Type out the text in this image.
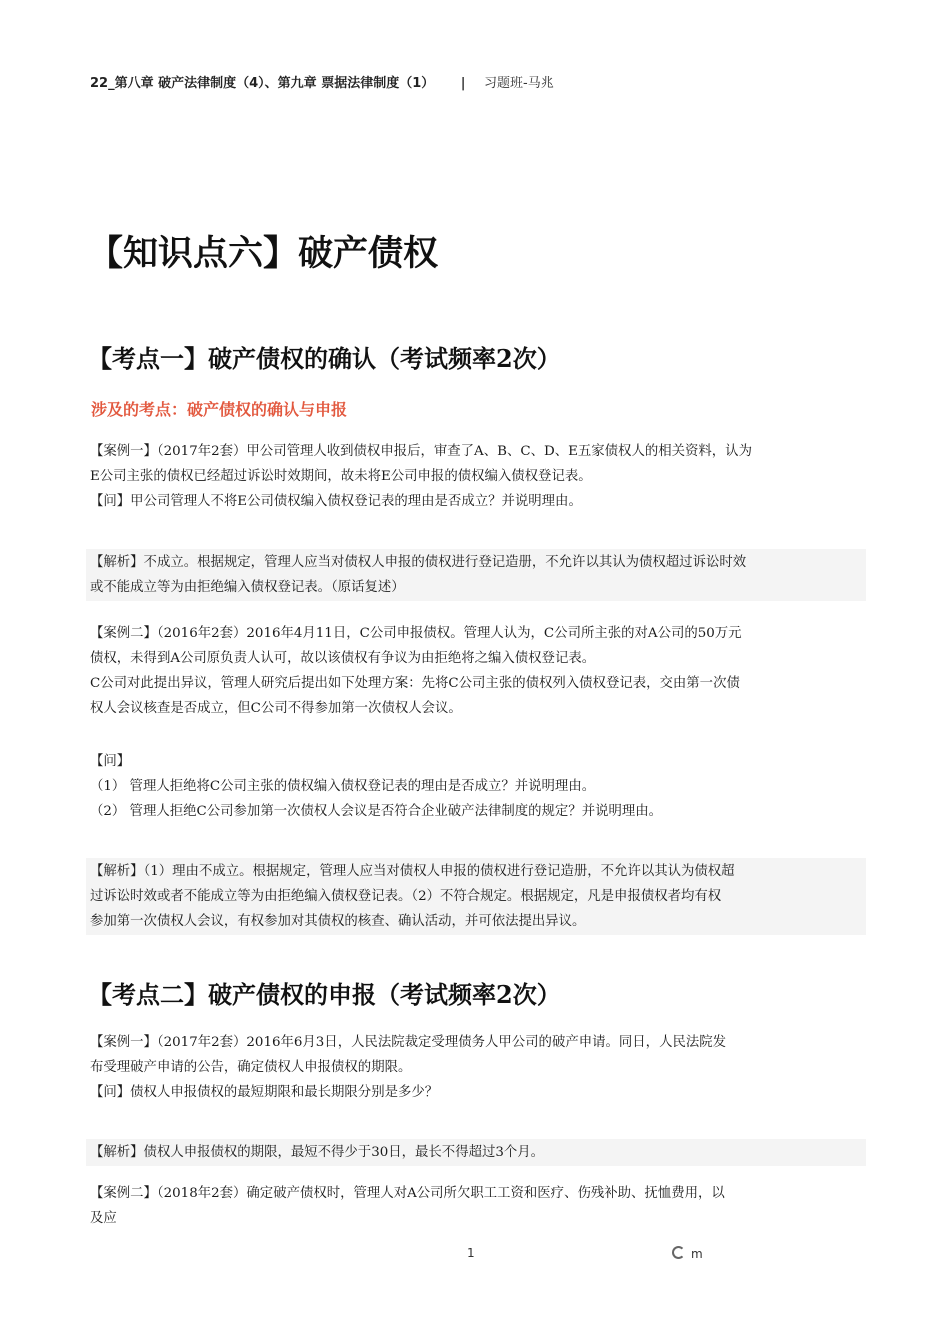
22_第八章 破产法律制度（4）、第九章 票据法律制度（1） | 习题班-马兆
【知识点六】破产债权
【考点一】破产债权的确认（考试频率2次）
涉及的考点：破产债权的确认与申报

【案例一】（2017年2套）甲公司管理人收到债权申报后，审查了A、B、C、D、E五家债权人的相关资料，认为

E公司主张的债权已经超过诉讼时效期间，故未将E公司申报的债权编入债权登记表。

【问】甲公司管理人不将E公司债权编入债权登记表的理由是否成立？并说明理由。

【解析】不成立。根据规定，管理人应当对债权人申报的债权进行登记造册，不允许以其认为债权超过诉讼时效

或不能成立等为由拒绝编入债权登记表。（原话复述）

【案例二】（2016年2套）2016年4月11日，C公司申报债权。管理人认为，C公司所主张的对A公司的50万元

债权，未得到A公司原负责人认可，故以该债权有争议为由拒绝将之编入债权登记表。

C公司对此提出异议，管理人研究后提出如下处理方案：先将C公司主张的债权列入债权登记表，交由第一次债

权人会议核查是否成立，但C公司不得参加第一次债权人会议。

【问】

（1） 管理人拒绝将C公司主张的债权编入债权登记表的理由是否成立？并说明理由。

（2） 管理人拒绝C公司参加第一次债权人会议是否符合企业破产法律制度的规定？并说明理由。

【解析】（1）理由不成立。根据规定，管理人应当对债权人申报的债权进行登记造册，不允许以其认为债权超

过诉讼时效或者不能成立等为由拒绝编入债权登记表。（2）不符合规定。根据规定，凡是申报债权者均有权

参加第一次债权人会议，有权参加对其债权的核查、确认活动，并可依法提出异议。

【考点二】破产债权的申报（考试频率2次）

【案例一】（2017年2套）2016年6月3日，人民法院裁定受理债务人甲公司的破产申请。同日，人民法院发

布受理破产申请的公告，确定债权人申报债权的期限。

【问】债权人申报债权的最短期限和最长期限分别是多少？

【解析】债权人申报债权的期限，最短不得少于30日，最长不得超过3个月。

【案例二】（2018年2套）确定破产债权时，管理人对A公司所欠职工工资和医疗、伤残补助、抚恤费用，以

及应

1	m
